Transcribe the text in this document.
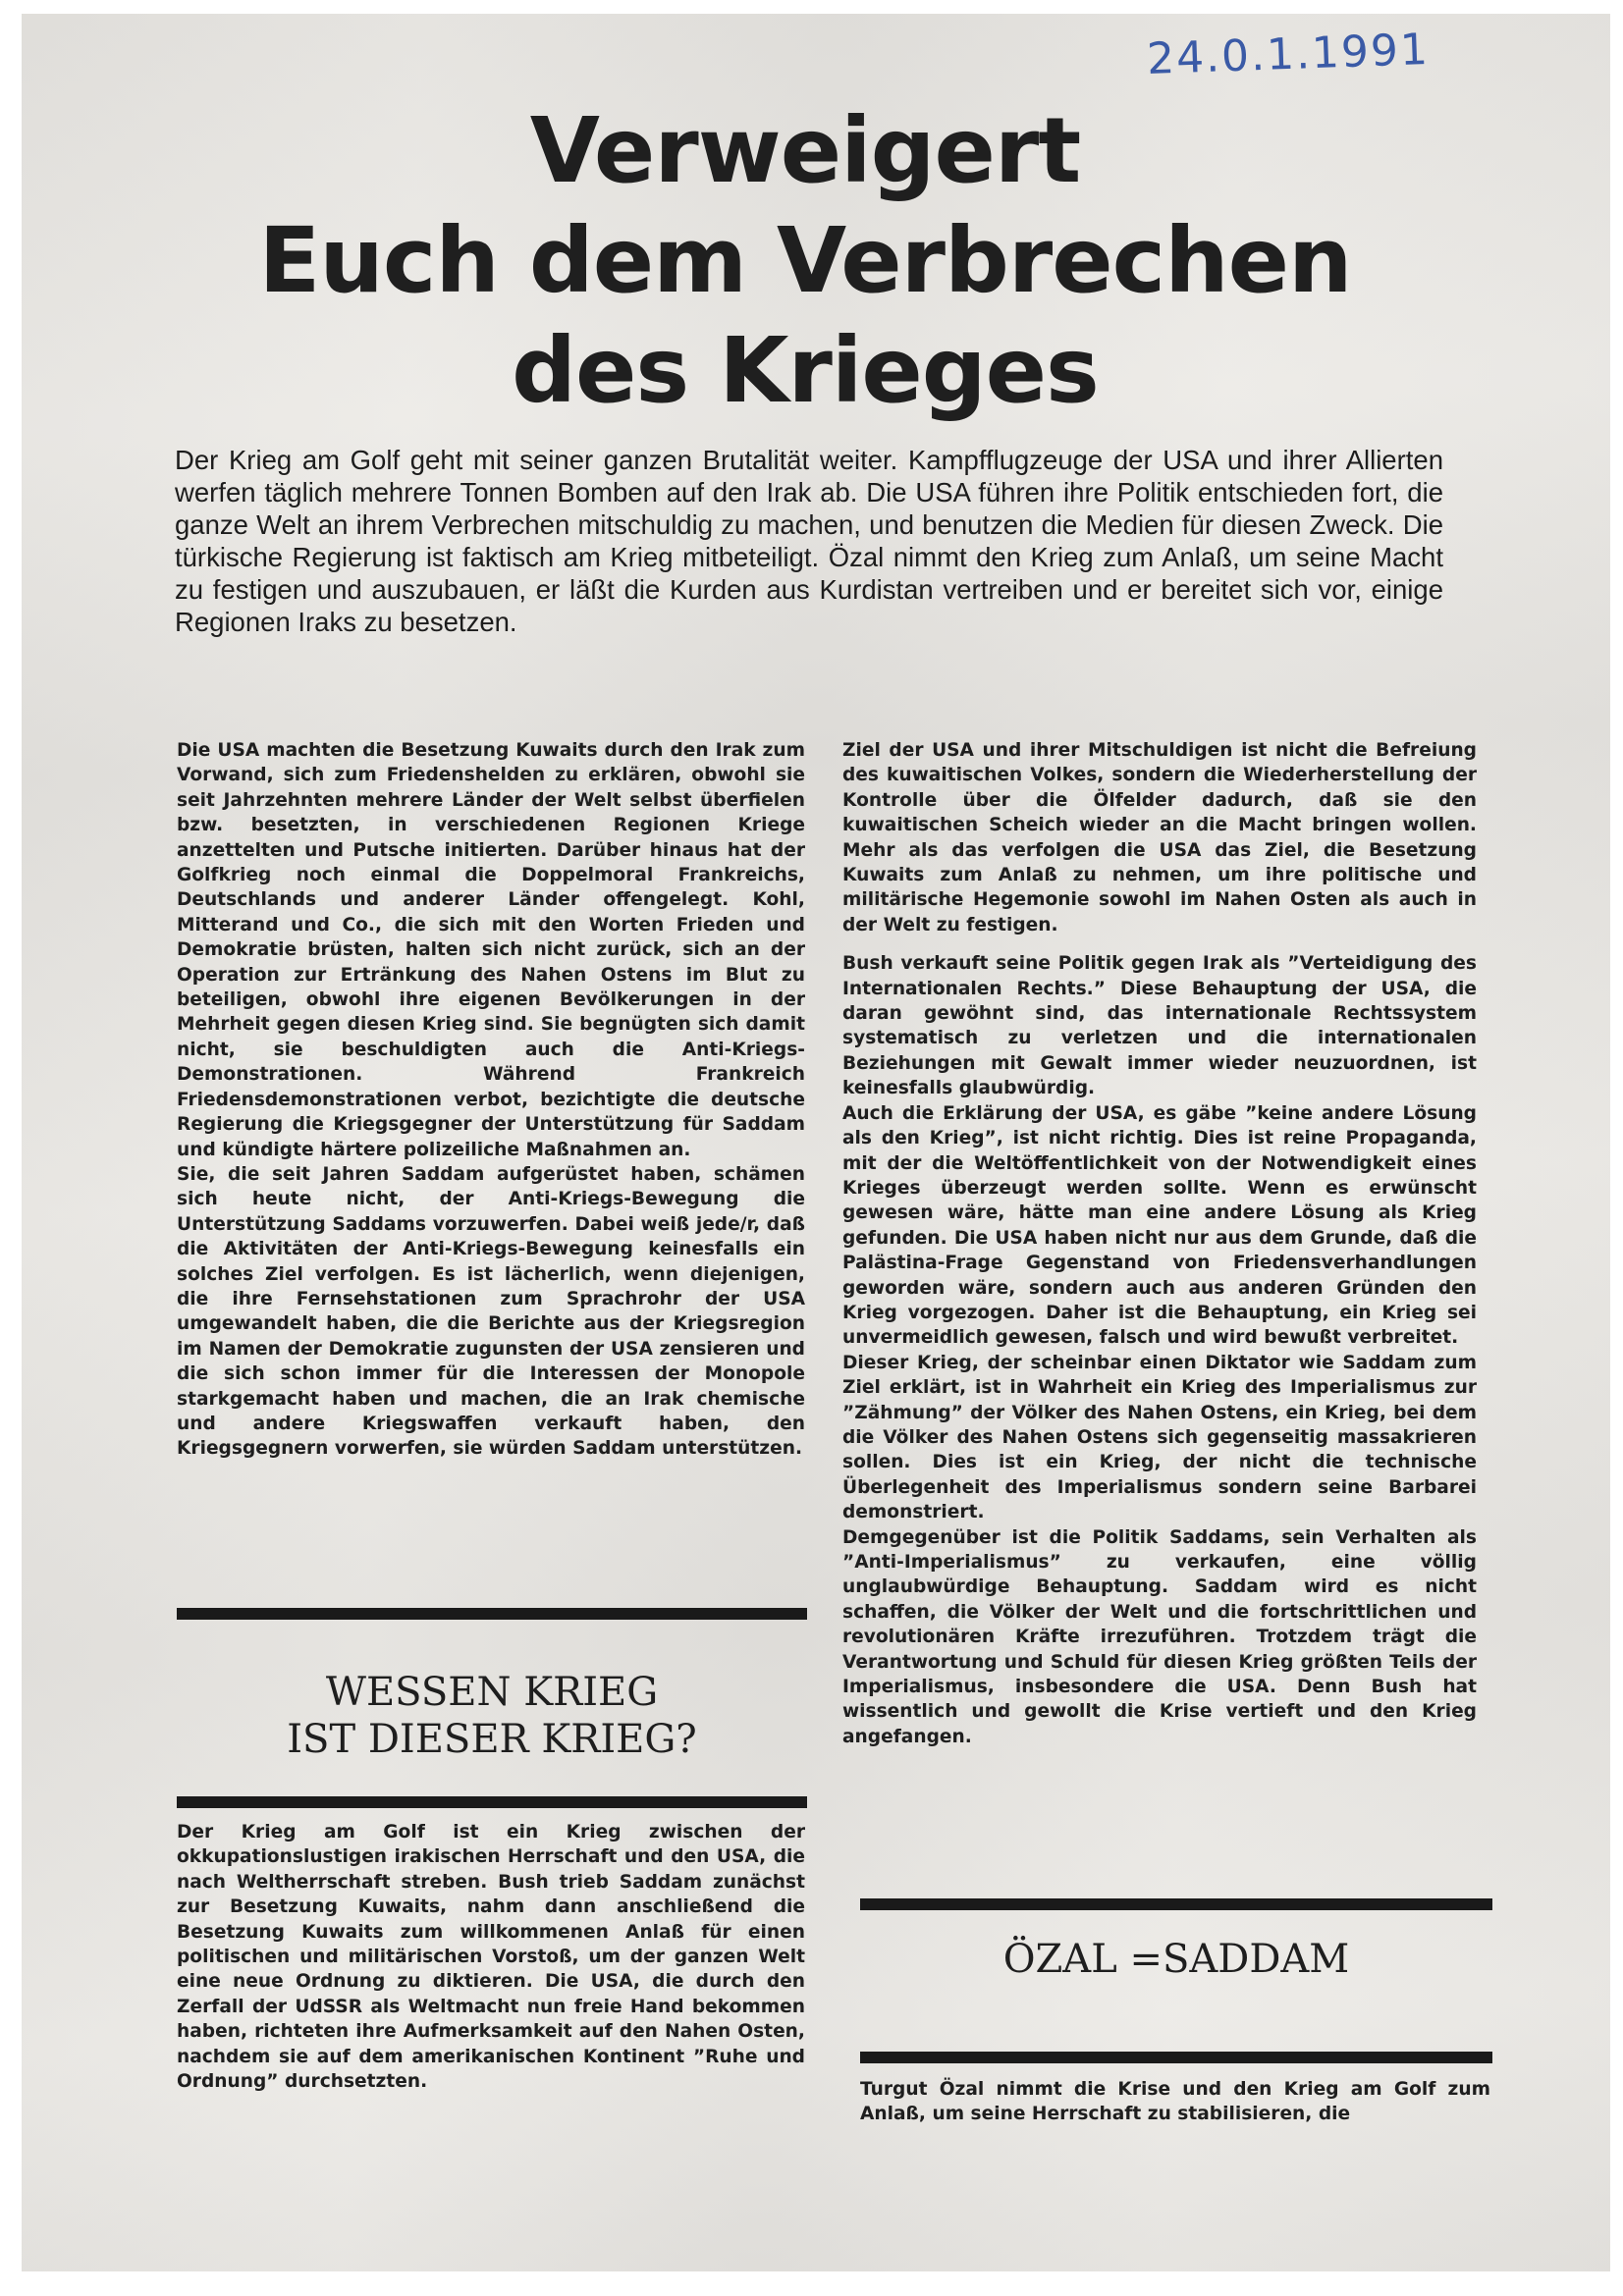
24.0.1.1991
Verweigert
Euch dem Verbrechen
des Krieges
Der Krieg am Golf geht mit seiner ganzen Brutalität weiter. Kampfflugzeuge der USA und ihrer Allierten werfen täglich mehrere Tonnen Bomben auf den Irak ab. Die USA führen ihre Politik entschieden fort, die ganze Welt an ihrem Verbrechen mitschuldig zu machen, und benutzen die Medien für diesen Zweck. Die türkische Regierung ist faktisch am Krieg mitbeteiligt. Özal nimmt den Krieg zum Anlaß, um seine Macht zu festigen und auszubauen, er läßt die Kurden aus Kurdistan vertreiben und er bereitet sich vor, einige Regionen Iraks zu besetzen.

Die USA machten die Besetzung Kuwaits durch den Irak zum Vorwand, sich zum Friedenshelden zu erklären, obwohl sie seit Jahrzehnten mehrere Länder der Welt selbst überfielen bzw. besetzten, in verschiedenen Regionen Kriege anzettelten und Putsche initierten. Darüber hinaus hat der Golfkrieg noch einmal die Doppelmoral Frankreichs, Deutschlands und anderer Länder offengelegt. Kohl, Mitterand und Co., die sich mit den Worten Frieden und Demokratie brüsten, halten sich nicht zurück, sich an der Operation zur Ertränkung des Nahen Ostens im Blut zu beteiligen, obwohl ihre eigenen Bevölkerungen in der Mehrheit gegen diesen Krieg sind. Sie begnügten sich damit nicht, sie beschuldigten auch die Anti-Kriegs-Demonstrationen. Während Frankreich Friedensdemonstrationen verbot, bezichtigte die deutsche Regierung die Kriegsgegner der Unterstützung für Saddam und kündigte härtere polizeiliche Maßnahmen an.

Sie, die seit Jahren Saddam aufgerüstet haben, schämen sich heute nicht, der Anti-Kriegs-Bewegung die Unterstützung Saddams vorzuwerfen. Dabei weiß jede/r, daß die Aktivitäten der Anti-Kriegs-Bewegung keinesfalls ein solches Ziel verfolgen. Es ist lächerlich, wenn diejenigen, die ihre Fernsehstationen zum Sprachrohr der USA umgewandelt haben, die die Berichte aus der Kriegsregion im Namen der Demokratie zugunsten der USA zensieren und die sich schon immer für die Interessen der Monopole starkgemacht haben und machen, die an Irak chemische und andere Kriegswaffen verkauft haben, den Kriegsgegnern vorwerfen, sie würden Saddam unterstützen.

WESSEN KRIEG
IST DIESER KRIEG?

Der Krieg am Golf ist ein Krieg zwischen der okkupationslustigen irakischen Herrschaft und den USA, die nach Weltherrschaft streben. Bush trieb Saddam zunächst zur Besetzung Kuwaits, nahm dann anschließend die Besetzung Kuwaits zum willkommenen Anlaß für einen politischen und militärischen Vorstoß, um der ganzen Welt eine neue Ordnung zu diktieren. Die USA, die durch den Zerfall der UdSSR als Weltmacht nun freie Hand bekommen haben, richteten ihre Aufmerksamkeit auf den Nahen Osten, nachdem sie auf dem amerikanischen Kontinent ”Ruhe und Ordnung” durchsetzten.

Ziel der USA und ihrer Mitschuldigen ist nicht die Befreiung des kuwaitischen Volkes, sondern die Wiederherstellung der Kontrolle über die Ölfelder dadurch, daß sie den kuwaitischen Scheich wieder an die Macht bringen wollen. Mehr als das verfolgen die USA das Ziel, die Besetzung Kuwaits zum Anlaß zu nehmen, um ihre politische und militärische Hegemonie sowohl im Nahen Osten als auch in der Welt zu festigen.

Bush verkauft seine Politik gegen Irak als ”Verteidigung des Internationalen Rechts.” Diese Behauptung der USA, die daran gewöhnt sind, das internationale Rechtssystem systematisch zu verletzen und die internationalen Beziehungen mit Gewalt immer wieder neuzuordnen, ist keinesfalls glaubwürdig.

Auch die Erklärung der USA, es gäbe ”keine andere Lösung als den Krieg”, ist nicht richtig. Dies ist reine Propaganda, mit der die Weltöffentlichkeit von der Notwendigkeit eines Krieges überzeugt werden sollte. Wenn es erwünscht gewesen wäre, hätte man eine andere Lösung als Krieg gefunden. Die USA haben nicht nur aus dem Grunde, daß die Palästina-Frage Gegenstand von Friedensverhandlungen geworden wäre, sondern auch aus anderen Gründen den Krieg vorgezogen. Daher ist die Behauptung, ein Krieg sei unvermeidlich gewesen, falsch und wird bewußt verbreitet.

Dieser Krieg, der scheinbar einen Diktator wie Saddam zum Ziel erklärt, ist in Wahrheit ein Krieg des Imperialismus zur ”Zähmung” der Völker des Nahen Ostens, ein Krieg, bei dem die Völker des Nahen Ostens sich gegenseitig massakrieren sollen. Dies ist ein Krieg, der nicht die technische Überlegenheit des Imperialismus sondern seine Barbarei demonstriert.

Demgegenüber ist die Politik Saddams, sein Verhalten als ”Anti-Imperialismus” zu verkaufen, eine völlig unglaubwürdige Behauptung. Saddam wird es nicht schaffen, die Völker der Welt und die fortschrittlichen und revolutionären Kräfte irrezuführen. Trotzdem trägt die Verantwortung und Schuld für diesen Krieg größten Teils der Imperialismus, insbesondere die USA. Denn Bush hat wissentlich und gewollt die Krise vertieft und den Krieg angefangen.

ÖZAL =SADDAM

Turgut Özal nimmt die Krise und den Krieg am Golf zum Anlaß, um seine Herrschaft zu stabilisieren, die
